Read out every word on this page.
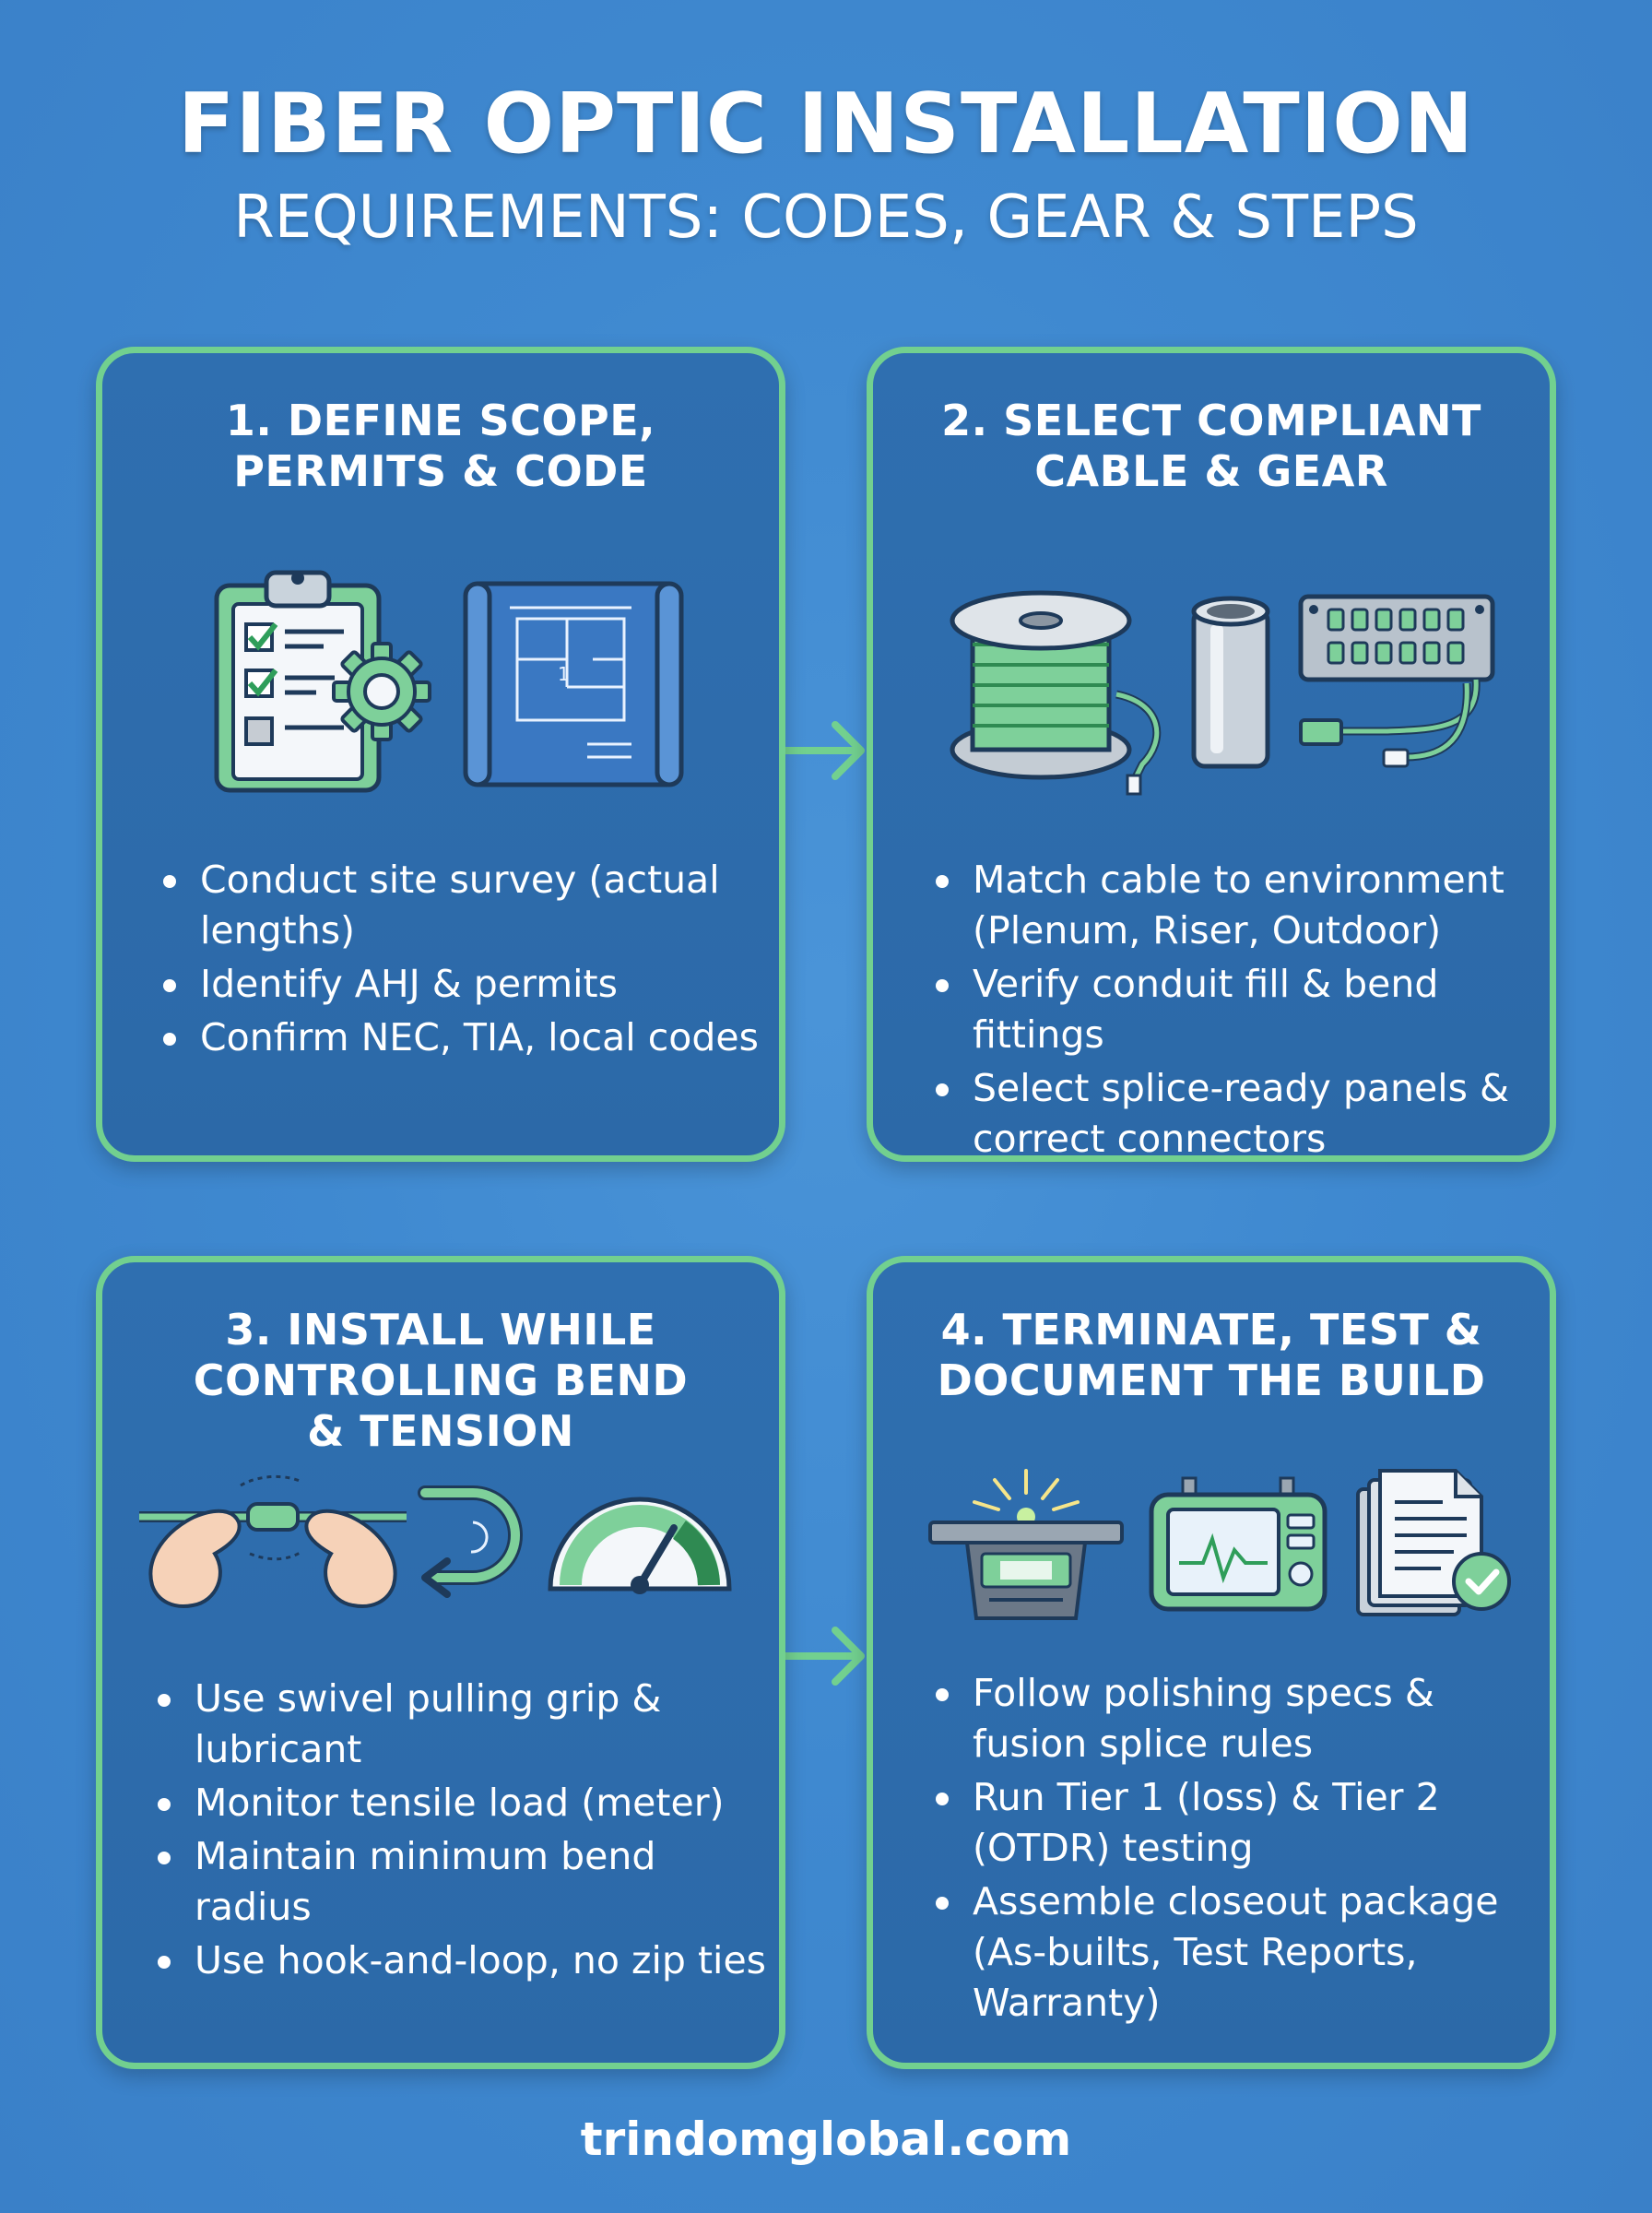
FIBER OPTIC INSTALLATION
REQUIREMENTS: CODES, GEAR & STEPS
1. DEFINE SCOPE,
PERMITS & CODE
1
Conduct site survey (actual lengths)
Identify AHJ & permits
Confirm NEC, TIA, local codes
2. SELECT COMPLIANT
CABLE & GEAR
Match cable to environment (Plenum, Riser, Outdoor)
Verify conduit fill & bend fittings
Select splice-ready panels & correct connectors
3. INSTALL WHILE
CONTROLLING BEND
& TENSION
Use swivel pulling grip & lubricant
Monitor tensile load (meter)
Maintain minimum bend radius
Use hook-and-loop, no zip ties
4. TERMINATE, TEST &
DOCUMENT THE BUILD
Follow polishing specs & fusion splice rules
Run Tier 1 (loss) & Tier 2 (OTDR) testing
Assemble closeout package (As-builts, Test Reports, Warranty)
trindomglobal.com
